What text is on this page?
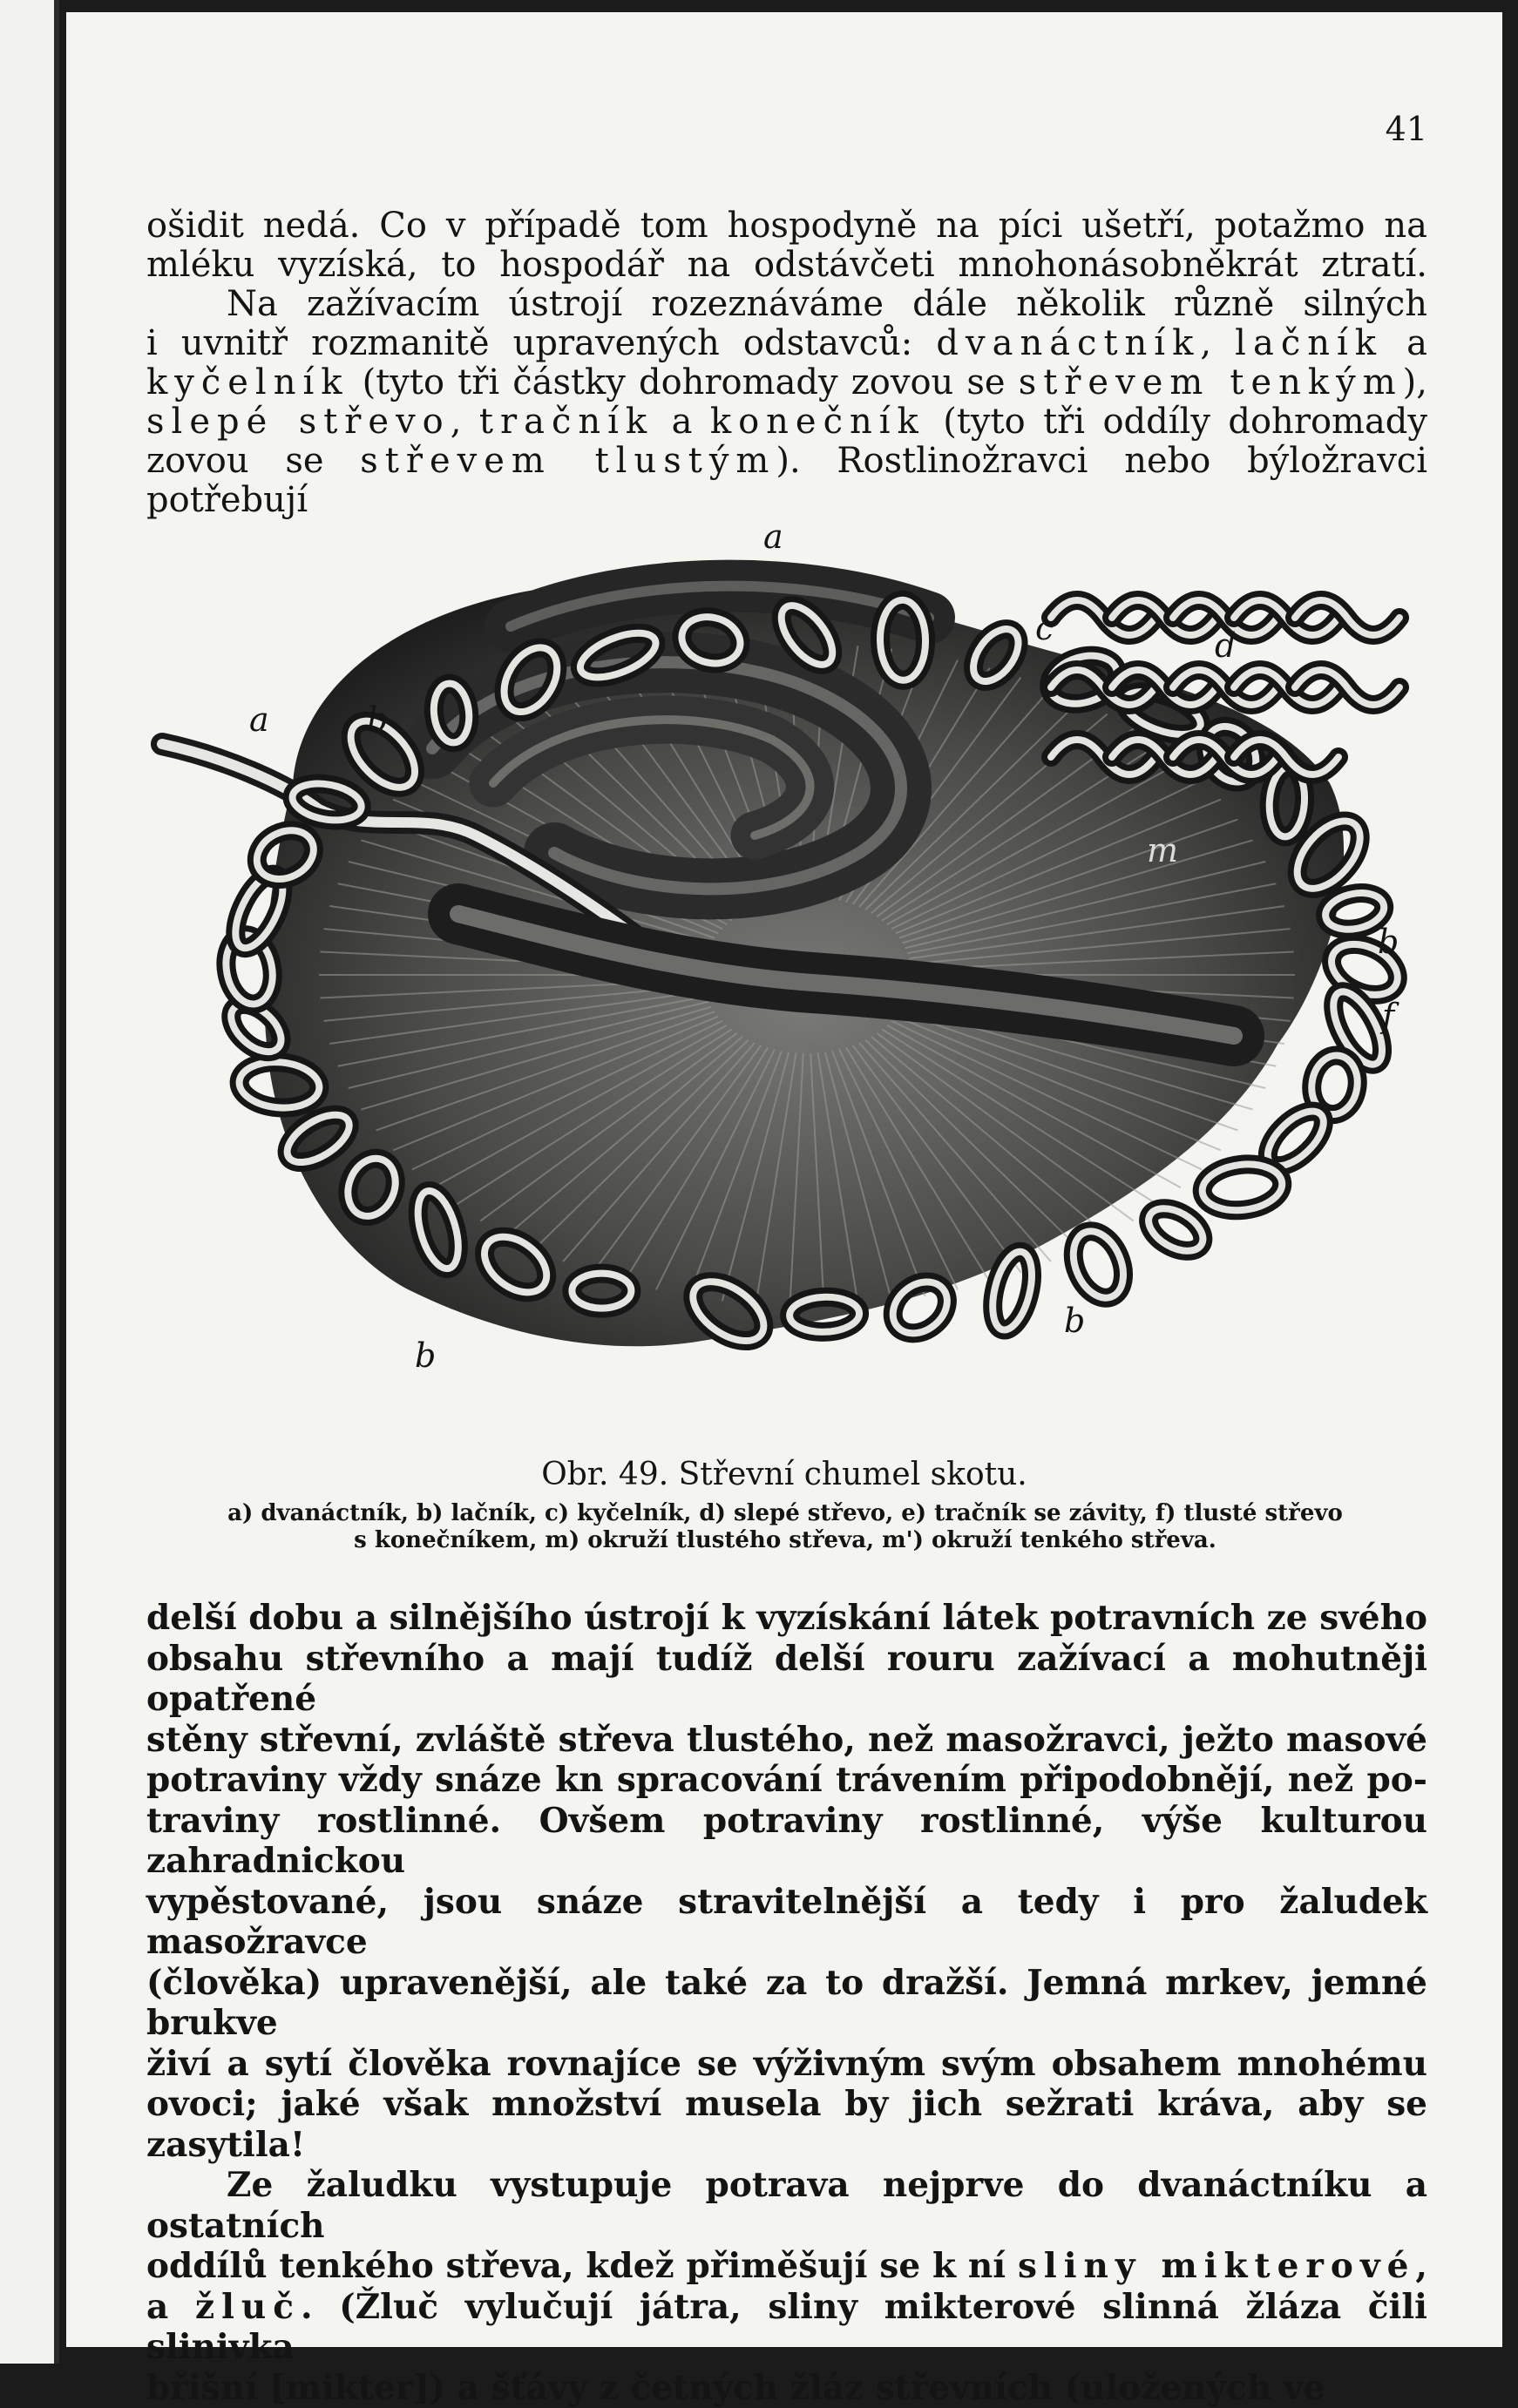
41
ošidit nedá. Co v případě tom hospodyně na píci ušetří, potažmo na
mléku vyzíská, to hospodář na odstávčeti mnohonásobněkrát ztratí.
Na zažívacím ústrojí rozeznáváme dále několik různě silných
i uvnitř rozmanitě upravených odstavců: dvanáctník, lačník a
kyčelník (tyto tři částky dohromady zovou se střevem tenkým),
slepé střevo, tračník a konečník (tyto tři oddíly dohromady
zovou se střevem tlustým). Rostlinožravci nebo býložravci potřebují
a
a	b
c	d
m
b
f
b
b
Obr. 49. Střevní chumel skotu.
a) dvanáctník, b) lačník, c) kyčelník, d) slepé střevo, e) tračník se závity, f) tlusté střevo
s konečníkem, m) okruží tlustého střeva, m') okruží tenkého střeva.
delší dobu a silnějšího ústrojí k vyzískání látek potravních ze svého
obsahu střevního a mají tudíž delší rouru zažívací a mohutněji opatřené
stěny střevní, zvláště střeva tlustého, než masožravci, ježto masové
potraviny vždy snáze kn spracování trávením připodobnějí, než po-
traviny rostlinné. Ovšem potraviny rostlinné, výše kulturou zahradnickou
vypěstované, jsou snáze stravitelnější a tedy i pro žaludek masožravce
(člověka) upravenější, ale také za to dražší. Jemná mrkev, jemné brukve
živí a sytí člověka rovnajíce se výživným svým obsahem mnohému
ovoci; jaké však množství musela by jich sežrati kráva, aby se zasytila!
Ze žaludku vystupuje potrava nejprve do dvanáctníku a ostatních
oddílů tenkého střeva, kdež přiměšují se k ní sliny mikterové,
a žluč. (Žluč vylučují játra, sliny mikterové slinná žláza čili slinivka
břišní [mikter]) a šťávy z četných žláz střevních (uložených ve
